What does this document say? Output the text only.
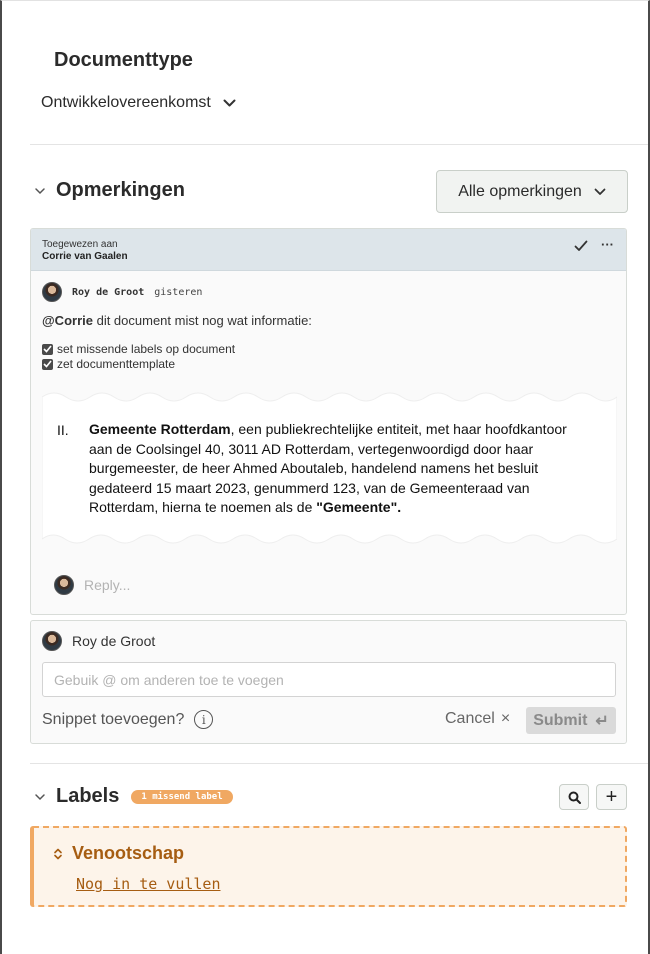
Documenttype
Ontwikkelovereenkomst
Opmerkingen	Alle opmerkingen
Toegewezen aan
Corrie van Gaalen
···
Roy de Groot gisteren
@Corrie dit document mist nog wat informatie:
set missende labels op document
zet documenttemplate
II. Gemeente Rotterdam, een publiekrechtelijke entiteit, met haar hoofdkantoor aan de Coolsingel 40, 3011 AD Rotterdam, vertegenwoordigd door haar burgemeester, de heer Ahmed Aboutaleb, handelend namens het besluit gedateerd 15 maart 2023, genummerd 123, van de Gemeenteraad van Rotterdam, hierna te noemen als de "Gemeente".
Reply...
Roy de Groot
Gebuik @ om anderen toe te voegen
Snippet toevoegen?	i	Cancel × Submit ↵
Labels	1 missend label	+
Venootschap
Nog in te vullen
